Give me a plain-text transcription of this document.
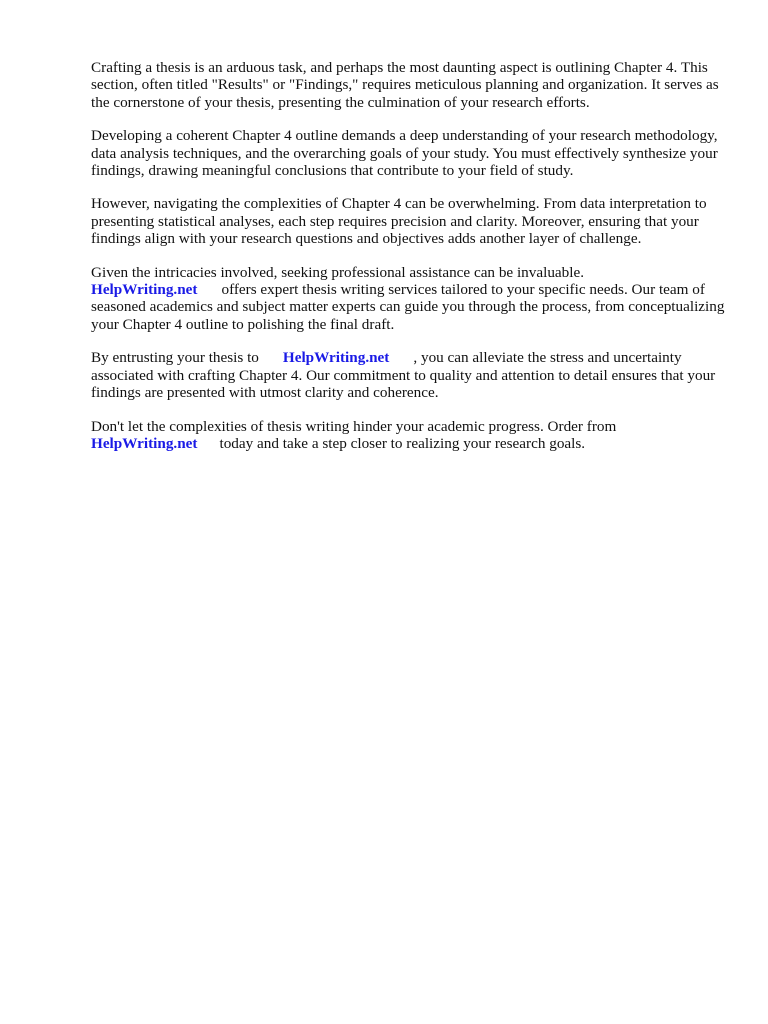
Crafting a thesis is an arduous task, and perhaps the most daunting aspect is outlining Chapter 4. This section, often titled "Results" or "Findings," requires meticulous planning and organization. It serves as the cornerstone of your thesis, presenting the culmination of your research efforts.

Developing a coherent Chapter 4 outline demands a deep understanding of your research methodology, data analysis techniques, and the overarching goals of your study. You must effectively synthesize your findings, drawing meaningful conclusions that contribute to your field of study.

However, navigating the complexities of Chapter 4 can be overwhelming. From data interpretation to presenting statistical analyses, each step requires precision and clarity. Moreover, ensuring that your findings align with your research questions and objectives adds another layer of challenge.

Given the intricacies involved, seeking professional assistance can be invaluable.
HelpWriting.net offers expert thesis writing services tailored to your specific needs. Our team of seasoned academics and subject matter experts can guide you through the process, from conceptualizing your Chapter 4 outline to polishing the final draft.

By entrusting your thesis to HelpWriting.net , you can alleviate the stress and uncertainty associated with crafting Chapter 4. Our commitment to quality and attention to detail ensures that your findings are presented with utmost clarity and coherence.

Don't let the complexities of thesis writing hinder your academic progress. Order from
HelpWriting.net today and take a step closer to realizing your research goals.
